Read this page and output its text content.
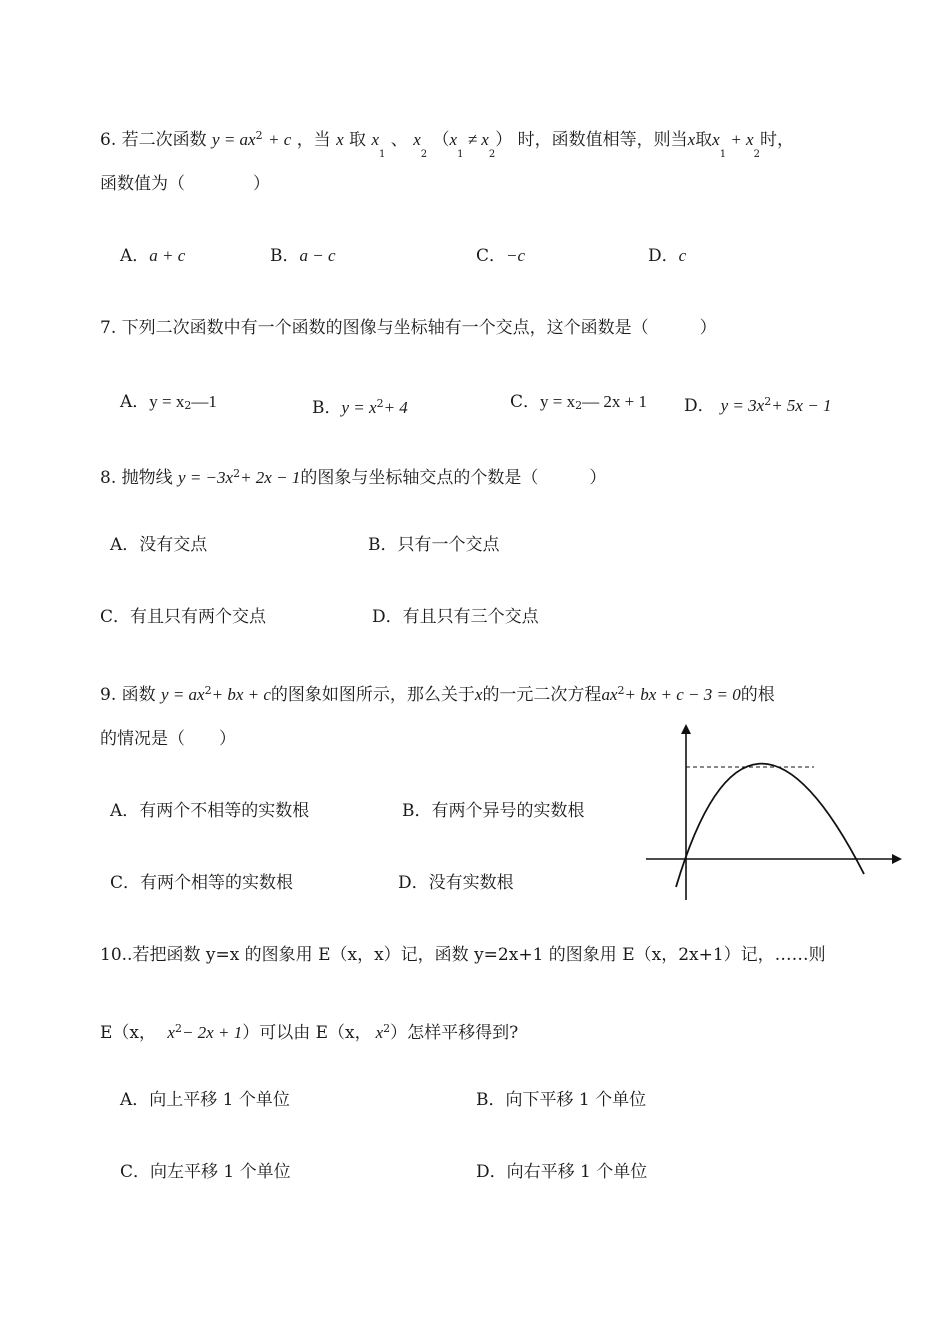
6. 若二次函数 $y = ax^2 + c$ ，当 x 取 $x_1$ 、 $x_2$ $(x_1 \ne x_2)$ 时，函数值相等，则当x取$x_1 + x_2$时，
函数值为（　　　　）
A．a + c	B．a − c	C．−c	D．c
7. 下列二次函数中有一个函数的图像与坐标轴有一个交点，这个函数是（　　　）
A．y = x2—1	B．$y = x^2+ 4$	C．y = x2— 2x + 1 D． $y = 3x^2+ 5x - 1$
8. 抛物线 $y = -3x^2+ 2x - 1$的图象与坐标轴交点的个数是（　　　）
A．没有交点	B．只有一个交点
C．有且只有两个交点	D．有且只有三个交点
9. 函数 $y = ax^2+$ bx + c的图象如图所示，那么关于x的一元二次方程$ax^2+$ bx + c − 3 = 0的根
的情况是（　　）
A．有两个不相等的实数根	B．有两个异号的实数根
C．有两个相等的实数根	D．没有实数根
10..若把函数 y=x 的图象用 E（x，x）记，函数 y=2x+1 的图象用 E（x，2x+1）记，……则
E（x， $x^2- 2x + 1$）可以由 E（x， $x^2$）怎样平移得到?
A．向上平移 1 个单位	B．向下平移 1 个单位
C．向左平移 1 个单位	D．向右平移 1 个单位
